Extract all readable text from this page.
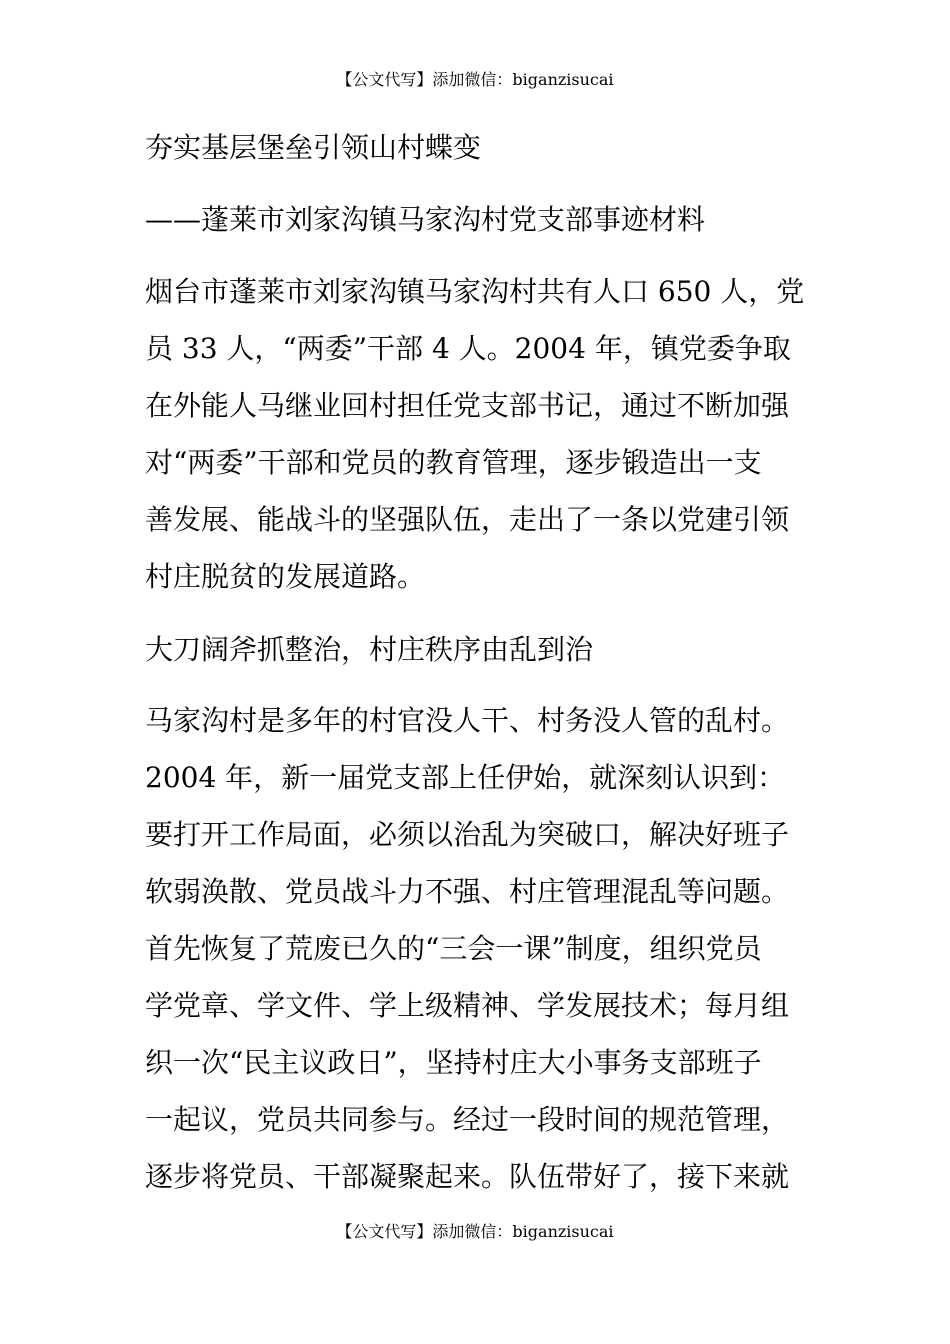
【公文代写】添加微信：biganzisucai
夯实基层堡垒引领山村蝶变

——蓬莱市刘家沟镇马家沟村党支部事迹材料

烟台市蓬莱市刘家沟镇马家沟村共有人口 650 人，党
员 33 人，“两委”干部 4 人。2004 年，镇党委争取
在外能人马继业回村担任党支部书记，通过不断加强
对“两委”干部和党员的教育管理，逐步锻造出一支
善发展、能战斗的坚强队伍，走出了一条以党建引领
村庄脱贫的发展道路。

大刀阔斧抓整治，村庄秩序由乱到治

马家沟村是多年的村官没人干、村务没人管的乱村。
2004 年，新一届党支部上任伊始，就深刻认识到：
要打开工作局面，必须以治乱为突破口，解决好班子
软弱涣散、党员战斗力不强、村庄管理混乱等问题。
首先恢复了荒废已久的“三会一课”制度，组织党员
学党章、学文件、学上级精神、学发展技术；每月组
织一次“民主议政日”，坚持村庄大小事务支部班子
一起议，党员共同参与。经过一段时间的规范管理，
逐步将党员、干部凝聚起来。队伍带好了，接下来就

【公文代写】添加微信：biganzisucai
